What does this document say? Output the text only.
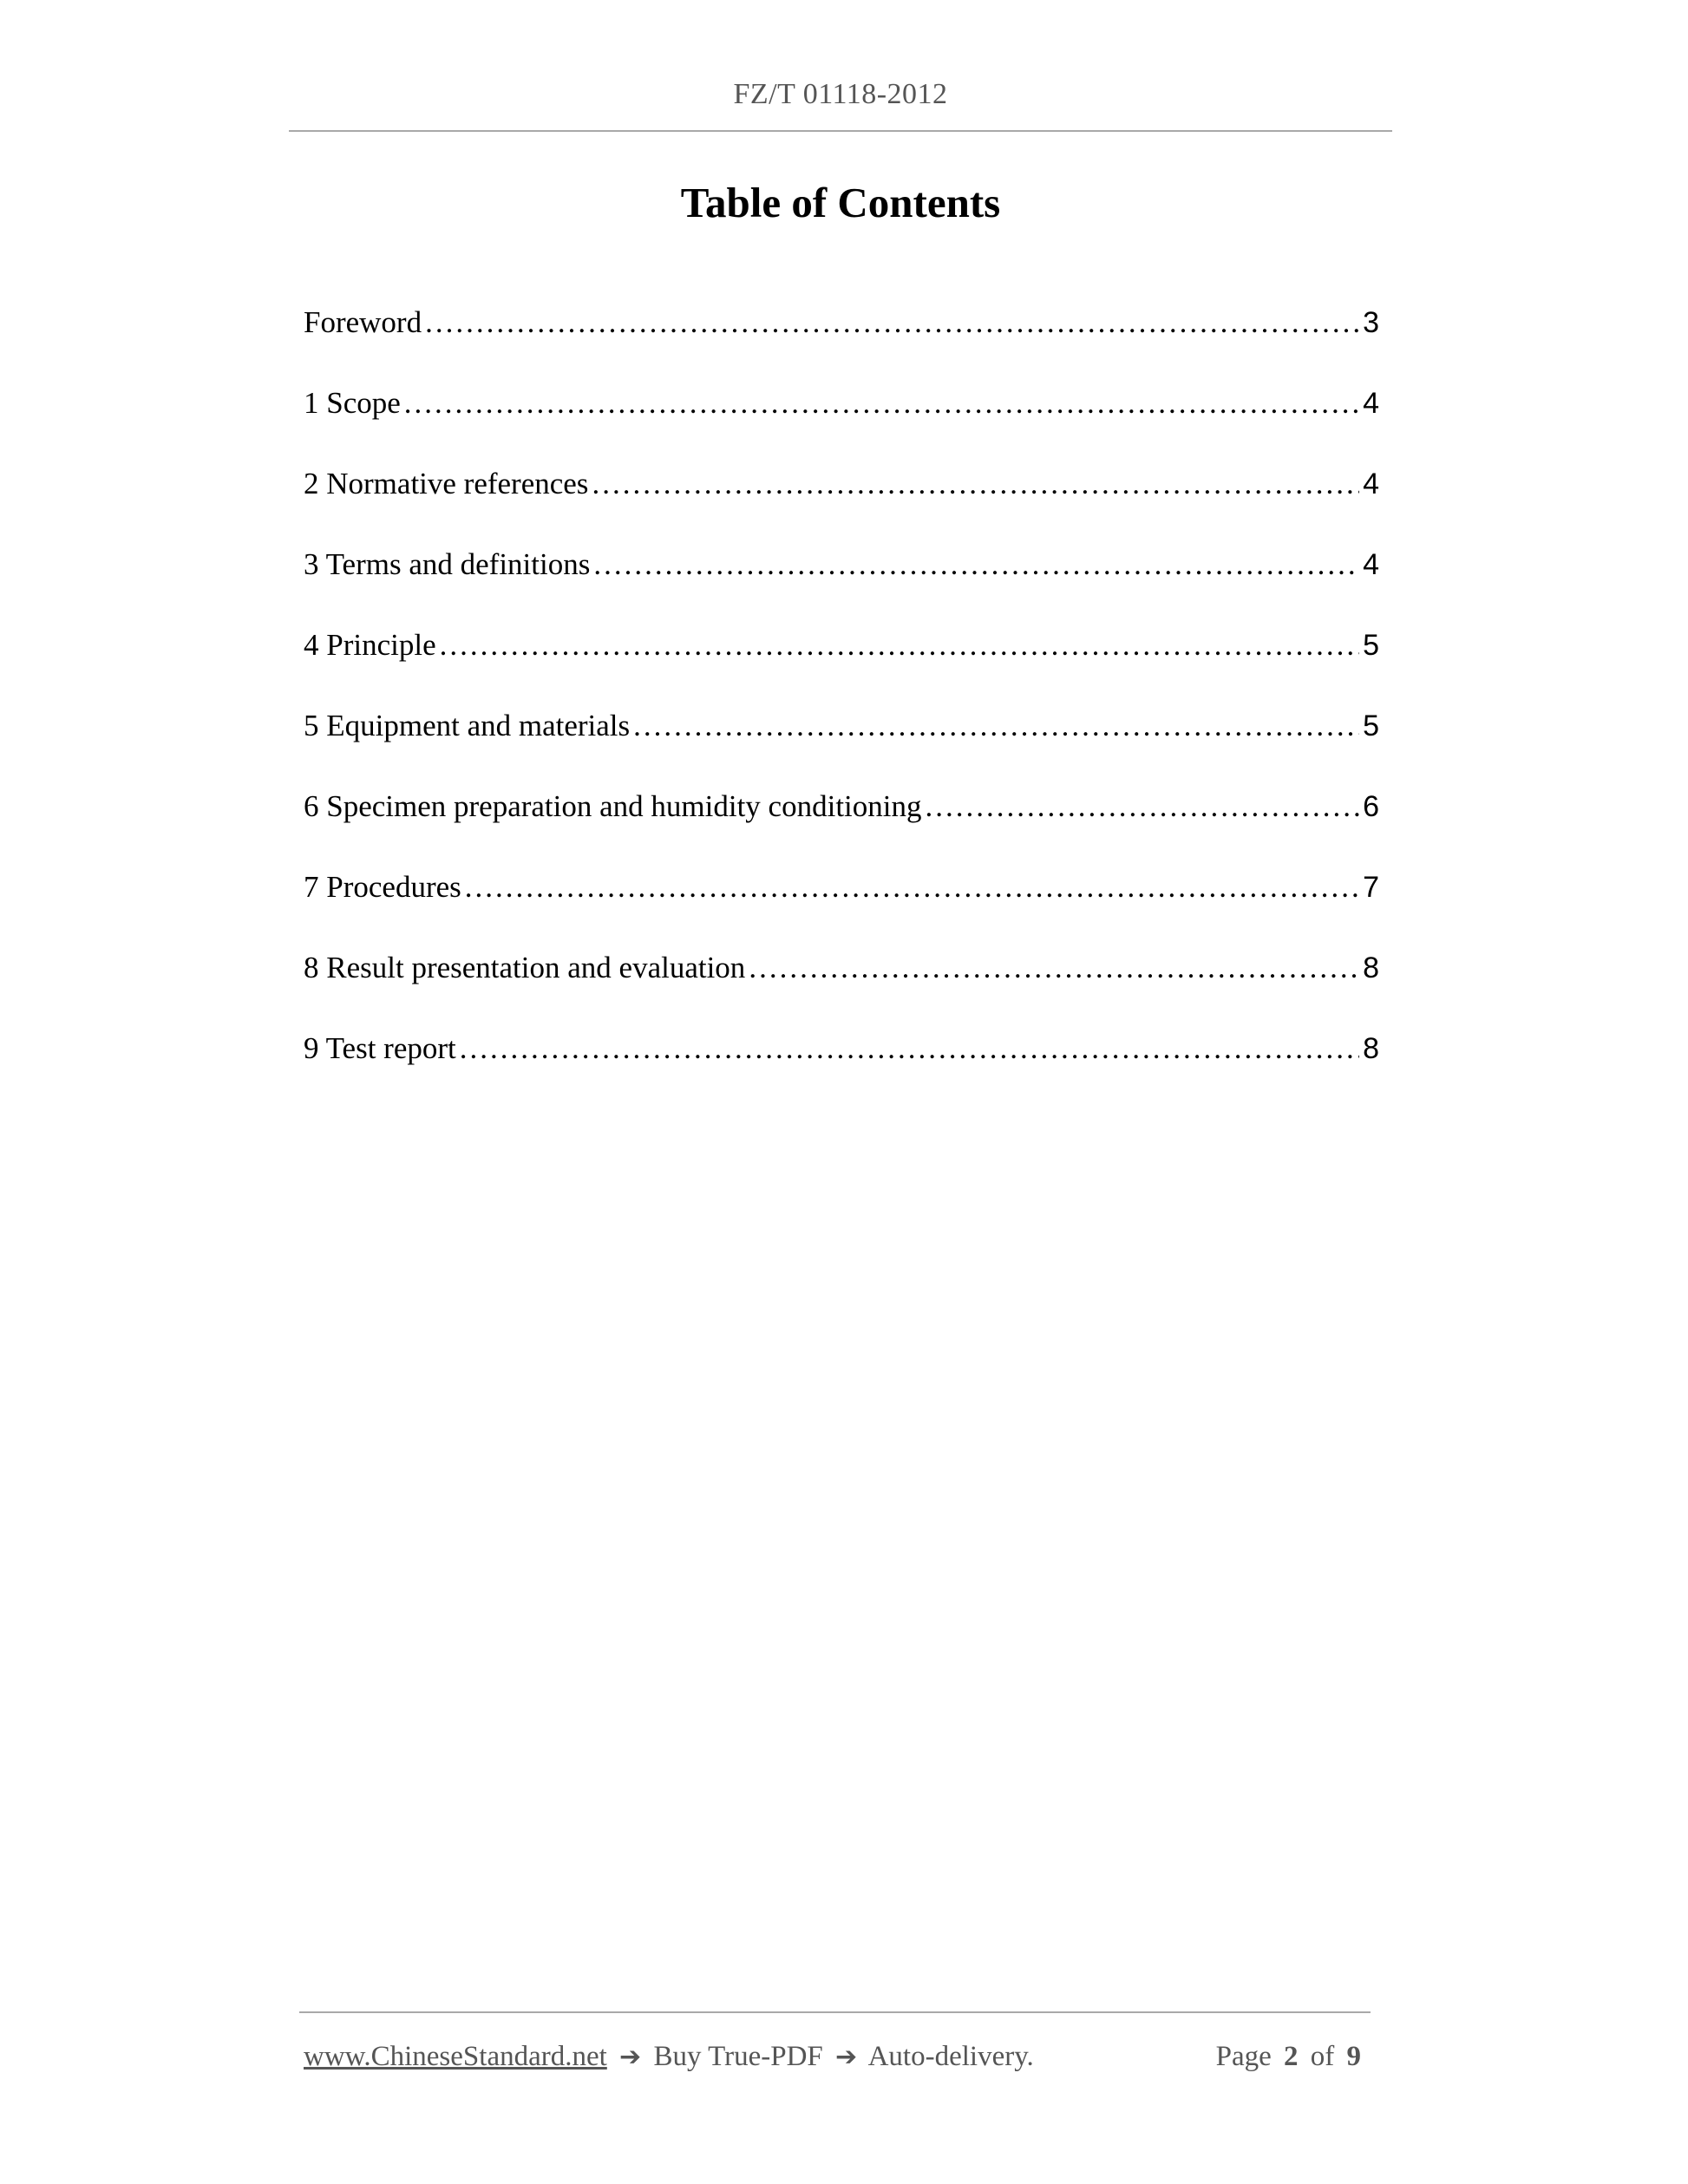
FZ/T 01118-2012
Table of Contents
Foreword .....	3
1 Scope .....	4
2 Normative references .....	4
3 Terms and definitions .....	4
4 Principle .....	5
5 Equipment and materials .....	5
6 Specimen preparation and humidity conditioning .....	6
7 Procedures .....	7
8 Result presentation and evaluation .....	8
9 Test report .....	8
www.ChineseStandard.net ➔ Buy True-PDF ➔ Auto-delivery.	Page 2 of 9
